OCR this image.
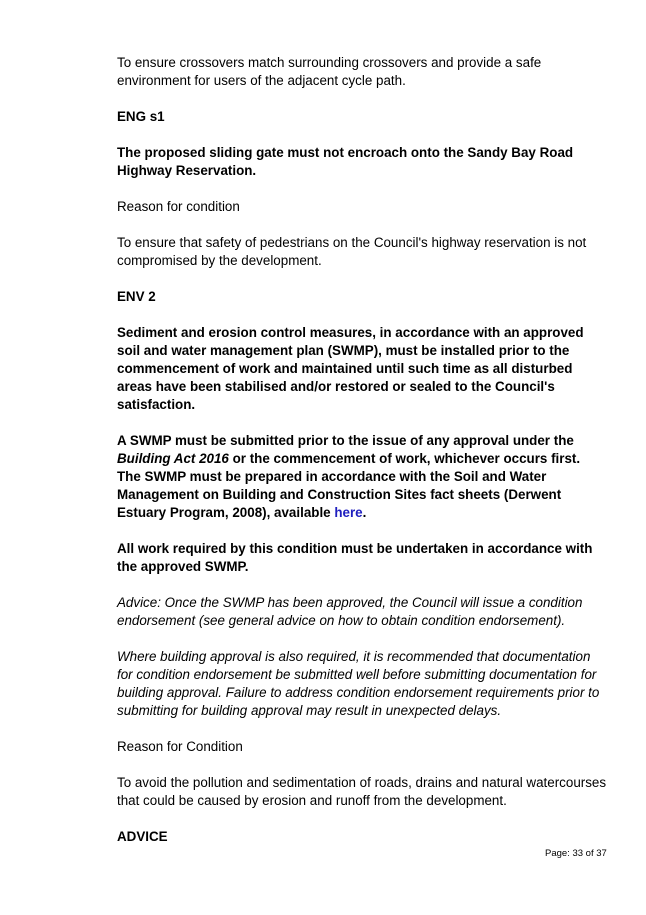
To ensure crossovers match surrounding crossovers and provide a safe environment for users of the adjacent cycle path.

ENG s1

The proposed sliding gate must not encroach onto the Sandy Bay Road Highway Reservation.

Reason for condition

To ensure that safety of pedestrians on the Council's highway reservation is not compromised by the development.

ENV 2

Sediment and erosion control measures, in accordance with an approved soil and water management plan (SWMP), must be installed prior to the commencement of work and maintained until such time as all disturbed areas have been stabilised and/or restored or sealed to the Council's satisfaction.

A SWMP must be submitted prior to the issue of any approval under the Building Act 2016 or the commencement of work, whichever occurs first. The SWMP must be prepared in accordance with the Soil and Water Management on Building and Construction Sites fact sheets (Derwent Estuary Program, 2008), available here.

All work required by this condition must be undertaken in accordance with the approved SWMP.

Advice: Once the SWMP has been approved, the Council will issue a condition endorsement (see general advice on how to obtain condition endorsement).

Where building approval is also required, it is recommended that documentation for condition endorsement be submitted well before submitting documentation for building approval. Failure to address condition endorsement requirements prior to submitting for building approval may result in unexpected delays.

Reason for Condition

To avoid the pollution and sedimentation of roads, drains and natural watercourses that could be caused by erosion and runoff from the development.

ADVICE

Page: 33 of 37
